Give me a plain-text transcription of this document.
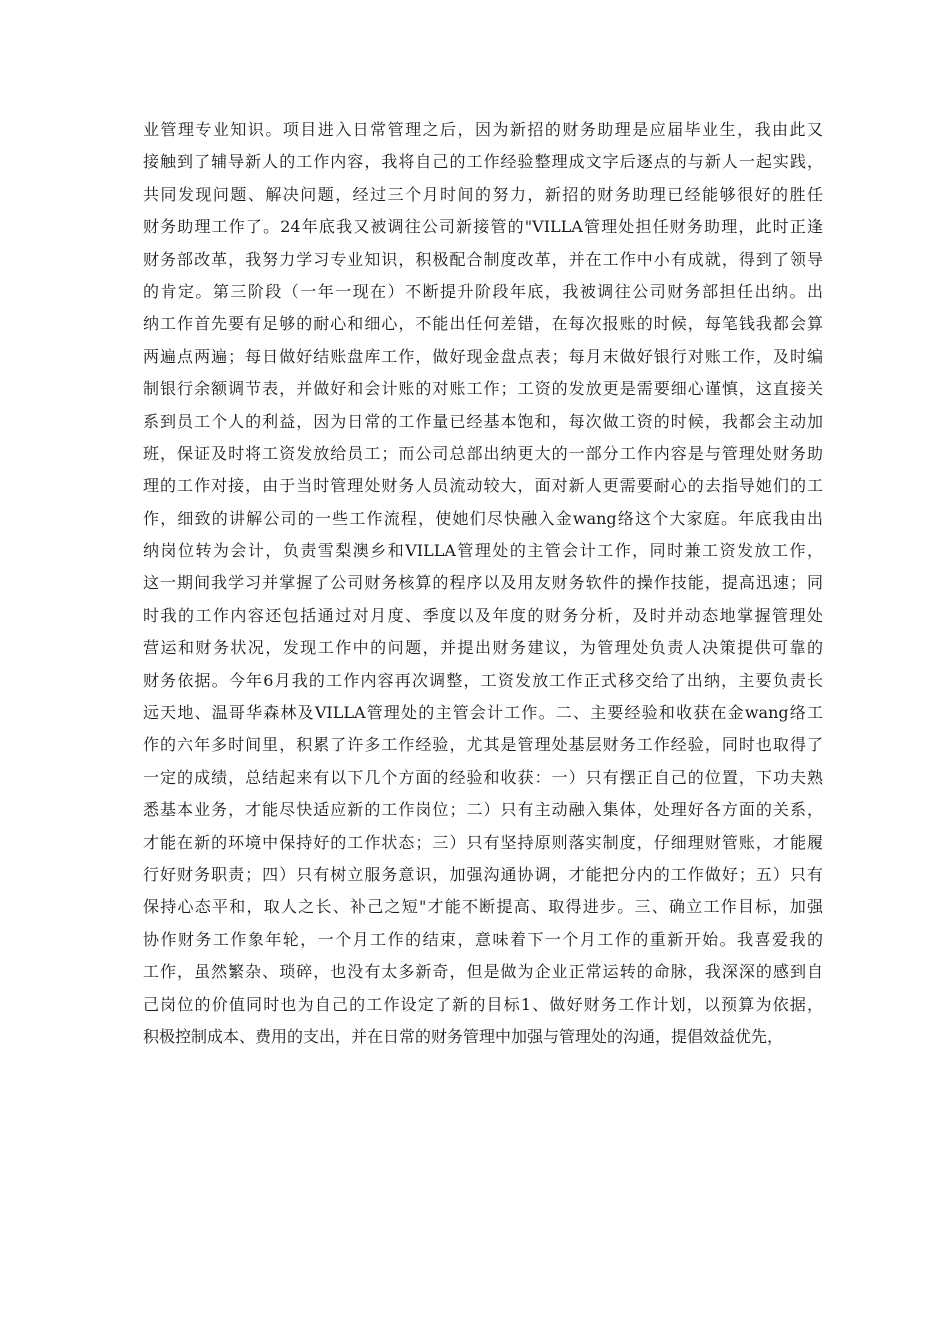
业管理专业知识。项目进入日常管理之后，因为新招的财务助理是应届毕业生，我由此又
接触到了辅导新人的工作内容，我将自己的工作经验整理成文字后逐点的与新人一起实践，
共同发现问题、解决问题，经过三个月时间的努力，新招的财务助理已经能够很好的胜任
财务助理工作了。24年底我又被调往公司新接管的"VILLA管理处担任财务助理，此时正逢
财务部改革，我努力学习专业知识，积极配合制度改革，并在工作中小有成就，得到了领导
的肯定。第三阶段（一年一现在）不断提升阶段年底，我被调往公司财务部担任出纳。出
纳工作首先要有足够的耐心和细心，不能出任何差错，在每次报账的时候，每笔钱我都会算
两遍点两遍；每日做好结账盘库工作，做好现金盘点表；每月末做好银行对账工作，及时编
制银行余额调节表，并做好和会计账的对账工作；工资的发放更是需要细心谨慎，这直接关
系到员工个人的利益，因为日常的工作量已经基本饱和，每次做工资的时候，我都会主动加
班，保证及时将工资发放给员工；而公司总部出纳更大的一部分工作内容是与管理处财务助
理的工作对接，由于当时管理处财务人员流动较大，面对新人更需要耐心的去指导她们的工
作，细致的讲解公司的一些工作流程，使她们尽快融入金wang络这个大家庭。年底我由出
纳岗位转为会计，负责雪梨澳乡和VILLA管理处的主管会计工作，同时兼工资发放工作，
这一期间我学习并掌握了公司财务核算的程序以及用友财务软件的操作技能，提高迅速；同
时我的工作内容还包括通过对月度、季度以及年度的财务分析，及时并动态地掌握管理处
营运和财务状况，发现工作中的问题，并提出财务建议，为管理处负责人决策提供可靠的
财务依据。今年6月我的工作内容再次调整，工资发放工作正式移交给了出纳，主要负责长
远天地、温哥华森林及VILLA管理处的主管会计工作。二、主要经验和收获在金wang络工
作的六年多时间里，积累了许多工作经验，尤其是管理处基层财务工作经验，同时也取得了
一定的成绩，总结起来有以下几个方面的经验和收获：一）只有摆正自己的位置，下功夫熟
悉基本业务，才能尽快适应新的工作岗位；二）只有主动融入集体，处理好各方面的关系，
才能在新的环境中保持好的工作状态；三）只有坚持原则落实制度，仔细理财管账，才能履
行好财务职责；四）只有树立服务意识，加强沟通协调，才能把分内的工作做好；五）只有
保持心态平和，取人之长、补己之短"才能不断提高、取得进步。三、确立工作目标，加强
协作财务工作象年轮，一个月工作的结束，意味着下一个月工作的重新开始。我喜爱我的
工作，虽然繁杂、琐碎，也没有太多新奇，但是做为企业正常运转的命脉，我深深的感到自
己岗位的价值同时也为自己的工作设定了新的目标1、做好财务工作计划，以预算为依据，
积极控制成本、费用的支出，并在日常的财务管理中加强与管理处的沟通，提倡效益优先，
